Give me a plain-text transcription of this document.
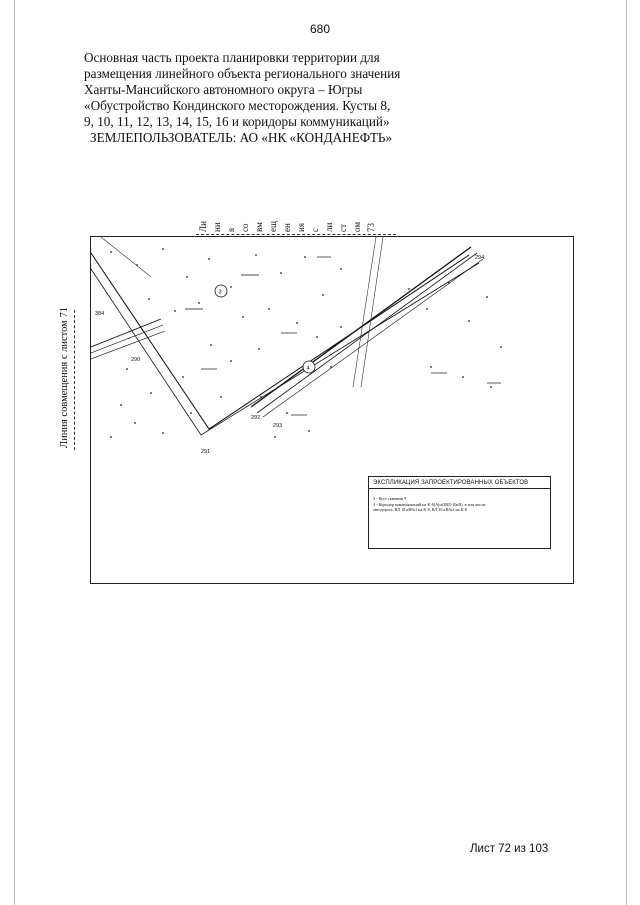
680
Основная часть проекта планировки территории для
размещения линейного объекта регионального значения
Ханты-Мансийского автономного округа – Югры
«Обустройство Кондинского месторождения. Кусты 8,
9, 10, 11, 12, 13, 14, 15, 16 и коридоры коммуникаций»
ЗЕМЛЕПОЛЬЗОВАТЕЛЬ: АО «НК «КОНДАНЕФТЬ»
Линия совмещения с листом 71
Ли ни я со вм ещ ен ия с ли ст ом 73
3
4
294
384
290
292
293
291
ЭКСПЛИКАЦИЯ ЗАПРОЕКТИРОВАННЫХ ОБЪЕКТОВ
3 - Куст скважин 9
4 - Коридор коммуникаций на К-8(А(н)ЗВЛ-10кВ), в том числе:
автодорога, ВЛ 10 кВ№1 на К-8, ВЛ 10 кВ№2 на К-8
Лист 72 из 103
